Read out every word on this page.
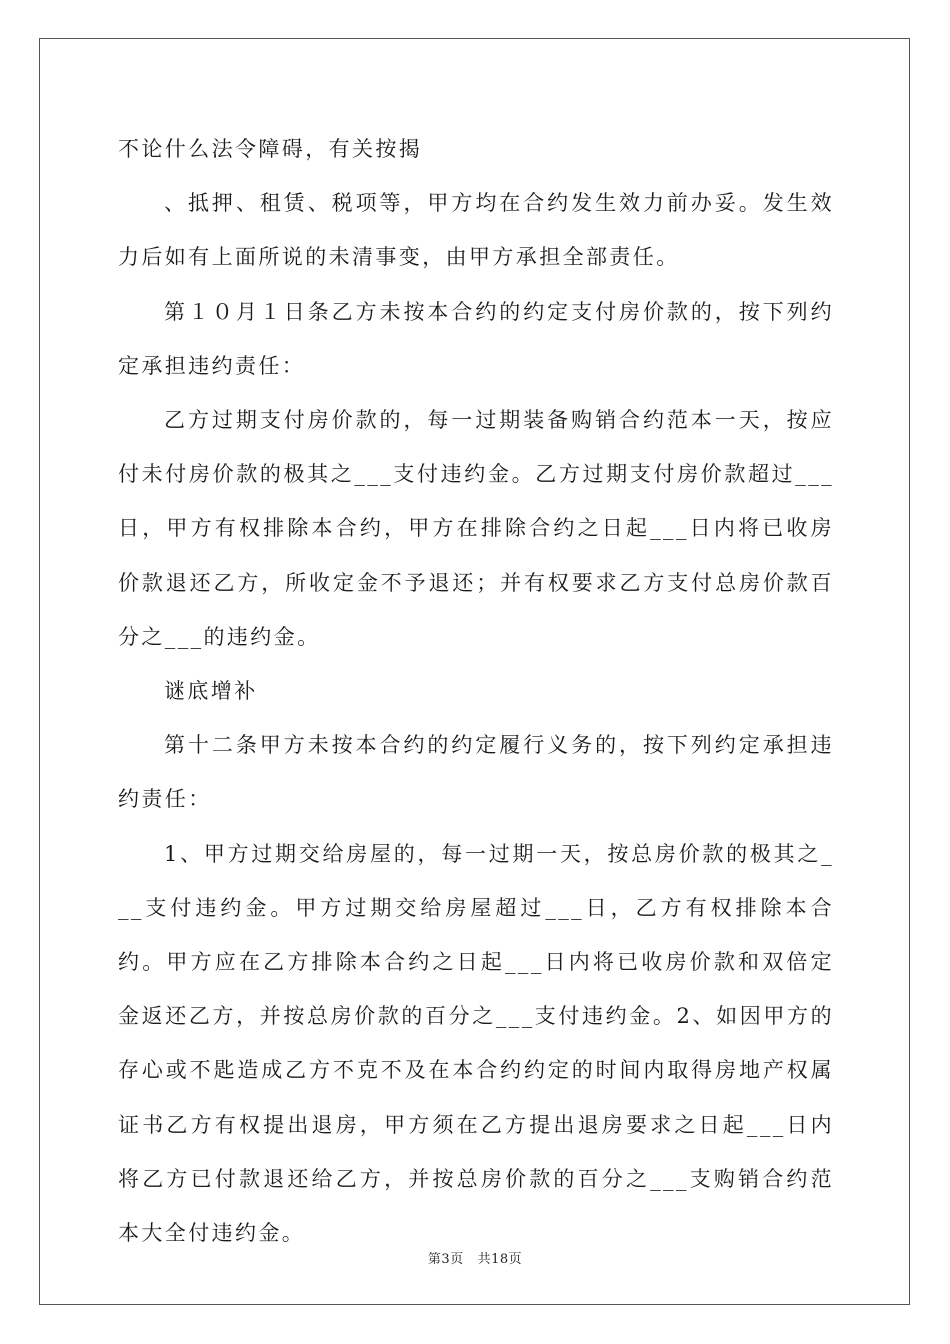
不论什么法令障碍，有关按揭

、抵押、租赁、税项等，甲方均在合约发生效力前办妥。发生效力后如有上面所说的未清事变，由甲方承担全部责任。

第１０月１日条乙方未按本合约的约定支付房价款的，按下列约定承担违约责任：

乙方过期支付房价款的，每一过期装备购销合约范本一天，按应付未付房价款的极其之___支付违约金。乙方过期支付房价款超过___日，甲方有权排除本合约，甲方在排除合约之日起___日内将已收房价款退还乙方，所收定金不予退还；并有权要求乙方支付总房价款百分之___的违约金。

谜底增补

第十二条甲方未按本合约的约定履行义务的，按下列约定承担违约责任：

1、甲方过期交给房屋的，每一过期一天，按总房价款的极其之___支付违约金。甲方过期交给房屋超过___日，乙方有权排除本合约。甲方应在乙方排除本合约之日起___日内将已收房价款和双倍定金返还乙方，并按总房价款的百分之___支付违约金。2、如因甲方的存心或不匙造成乙方不克不及在本合约约定的时间内取得房地产权属证书乙方有权提出退房，甲方须在乙方提出退房要求之日起___日内将乙方已付款退还给乙方，并按总房价款的百分之___支购销合约范本大全付违约金。

第3页 共18页
